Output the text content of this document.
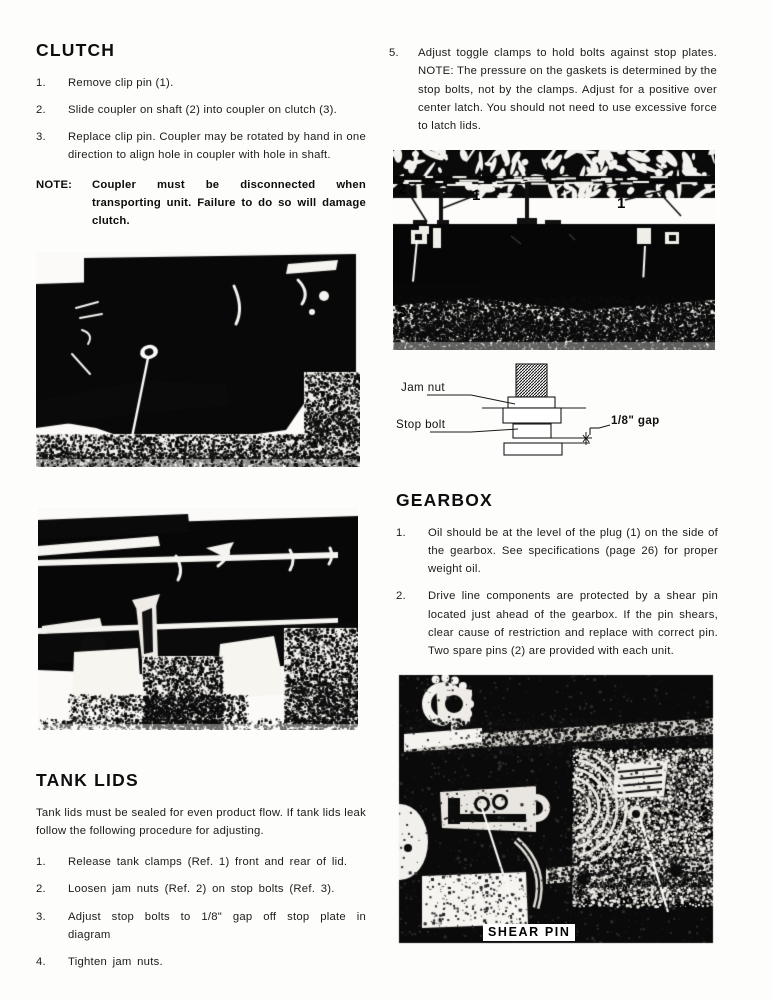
CLUTCH
1.	Remove clip pin (1).
2.	Slide coupler on shaft (2) into coupler on clutch (3).
3.	Replace clip pin. Coupler may be rotated by hand in one direction to align hole in coupler with hole in shaft.
NOTE: Coupler must be disconnected when transporting unit. Failure to do so will damage clutch.
TANK LIDS

Tank lids must be sealed for even product flow. If tank lids leak follow the following procedure for adjusting.

1.	Release tank clamps (Ref. 1) front and rear of lid.
2.	Loosen jam nuts (Ref. 2) on stop bolts (Ref. 3).
3.	Adjust stop bolts to 1/8" gap off stop plate in diagram
4.	Tighten jam nuts.
5.	Adjust toggle clamps to hold bolts against stop plates. NOTE: The pressure on the gaskets is determined by the stop bolts, not by the clamps. Adjust for a positive over center latch. You should not need to use excessive force to latch lids.
2	1	1
3
Jam nut
Stop bolt	1/8" gap
GEARBOX
1.	Oil should be at the level of the plug (1) on the side of the gearbox. See specifications (page 26) for proper weight oil.
2.	Drive line components are protected by a shear pin located just ahead of the gearbox. If the pin shears, clear cause of restriction and replace with correct pin. Two spare pins (2) are provided with each unit.
SHEAR PIN
